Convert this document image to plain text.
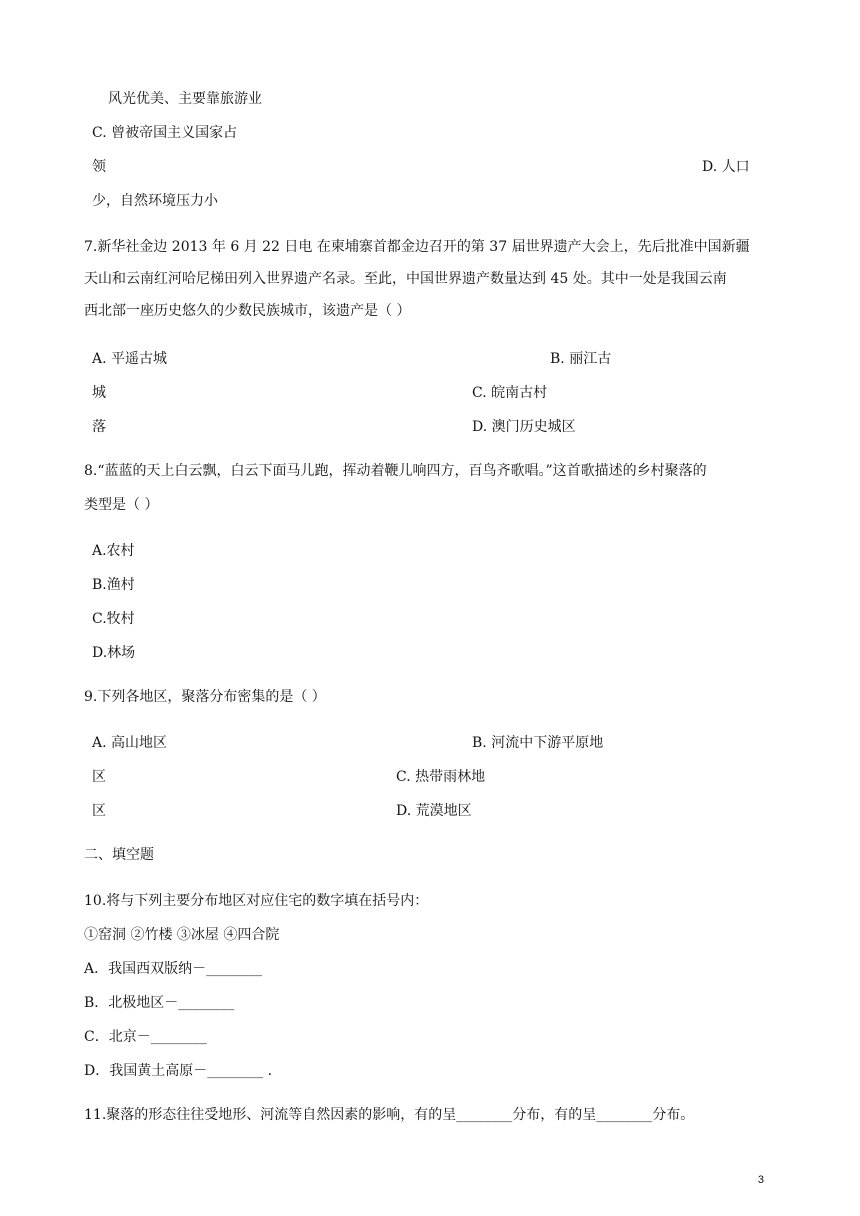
风光优美、主要靠旅游业
C. 曾被帝国主义国家占
领	D. 人口
少，自然环境压力小
7.新华社金边 2013 年 6 月 22 日电 在柬埔寨首都金边召开的第 37 届世界遗产大会上，先后批准中国新疆
天山和云南红河哈尼梯田列入世界遗产名录。至此，中国世界遗产数量达到 45 处。其中一处是我国云南
西北部一座历史悠久的少数民族城市，该遗产是（ ）
A. 平遥古城	B. 丽江古
城	C. 皖南古村
落	D. 澳门历史城区
8.“蓝蓝的天上白云飘，白云下面马儿跑，挥动着鞭儿响四方，百鸟齐歌唱。”这首歌描述的乡村聚落的
类型是（ ）
A.农村
B.渔村
C.牧村
D.林场
9.下列各地区，聚落分布密集的是（ ）
A. 高山地区	B. 河流中下游平原地
区	C. 热带雨林地
区	D. 荒漠地区
二、填空题
10.将与下列主要分布地区对应住宅的数字填在括号内：
①窑洞 ②竹楼 ③冰屋 ④四合院
A．我国西双版纳－________
B．北极地区－________
C．北京－________
D．我国黄土高原－________ .
11.聚落的形态往往受地形、河流等自然因素的影响，有的呈________分布，有的呈________分布。
3
